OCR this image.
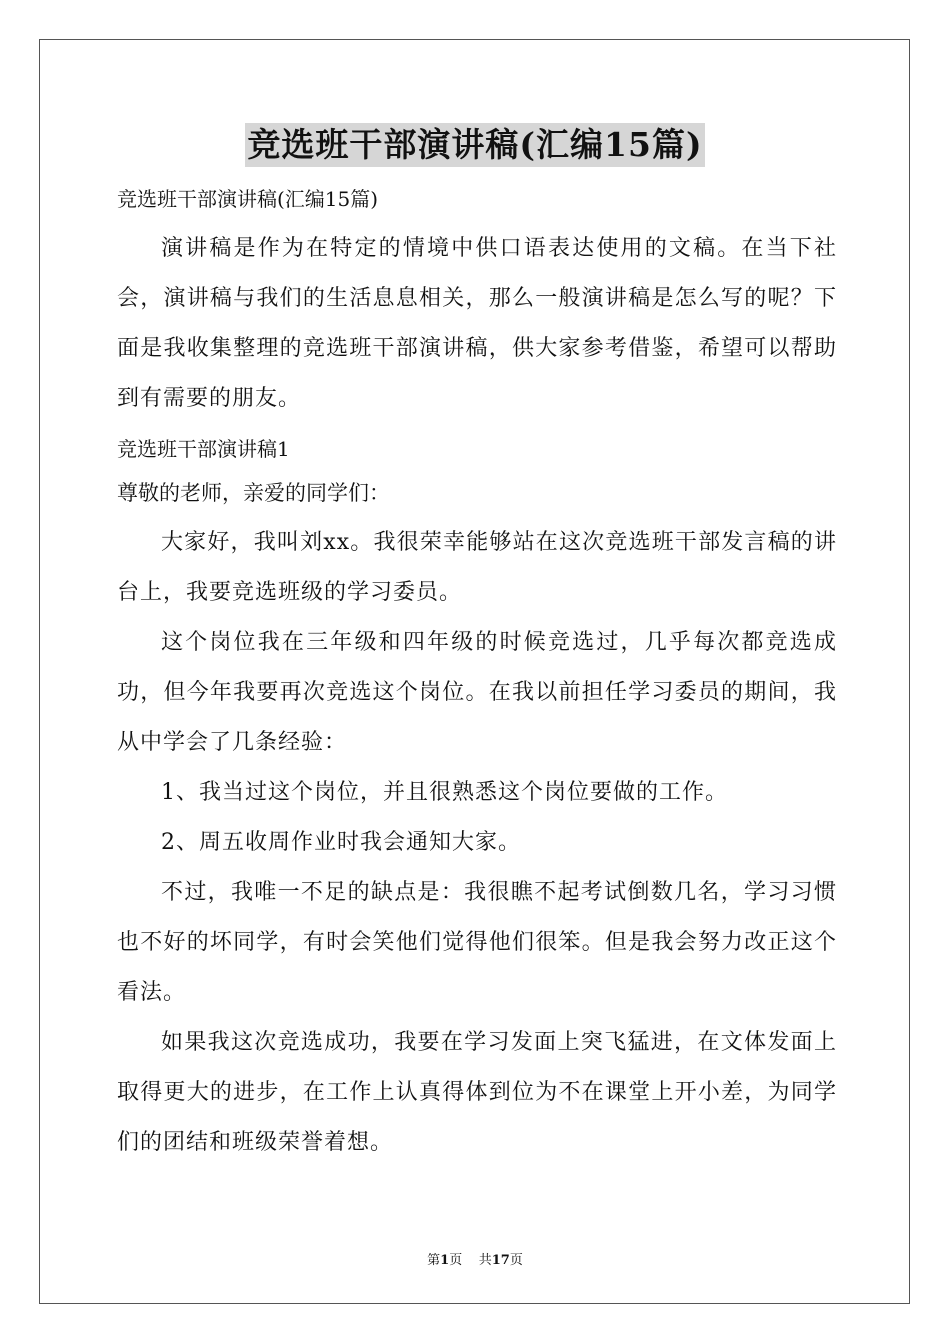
竞选班干部演讲稿(汇编15篇)

竞选班干部演讲稿(汇编15篇)

演讲稿是作为在特定的情境中供口语表达使用的文稿。在当下社会，演讲稿与我们的生活息息相关，那么一般演讲稿是怎么写的呢？下面是我收集整理的竞选班干部演讲稿，供大家参考借鉴，希望可以帮助到有需要的朋友。

竞选班干部演讲稿1

尊敬的老师，亲爱的同学们：

大家好，我叫刘xx。我很荣幸能够站在这次竞选班干部发言稿的讲台上，我要竞选班级的学习委员。

这个岗位我在三年级和四年级的时候竞选过，几乎每次都竞选成功，但今年我要再次竞选这个岗位。在我以前担任学习委员的期间，我从中学会了几条经验：

1、我当过这个岗位，并且很熟悉这个岗位要做的工作。

2、周五收周作业时我会通知大家。

不过，我唯一不足的缺点是：我很瞧不起考试倒数几名，学习习惯也不好的坏同学，有时会笑他们觉得他们很笨。但是我会努力改正这个看法。

如果我这次竞选成功，我要在学习发面上突飞猛进，在文体发面上取得更大的进步，在工作上认真得体到位为不在课堂上开小差，为同学们的团结和班级荣誉着想。

第1页 共17页
